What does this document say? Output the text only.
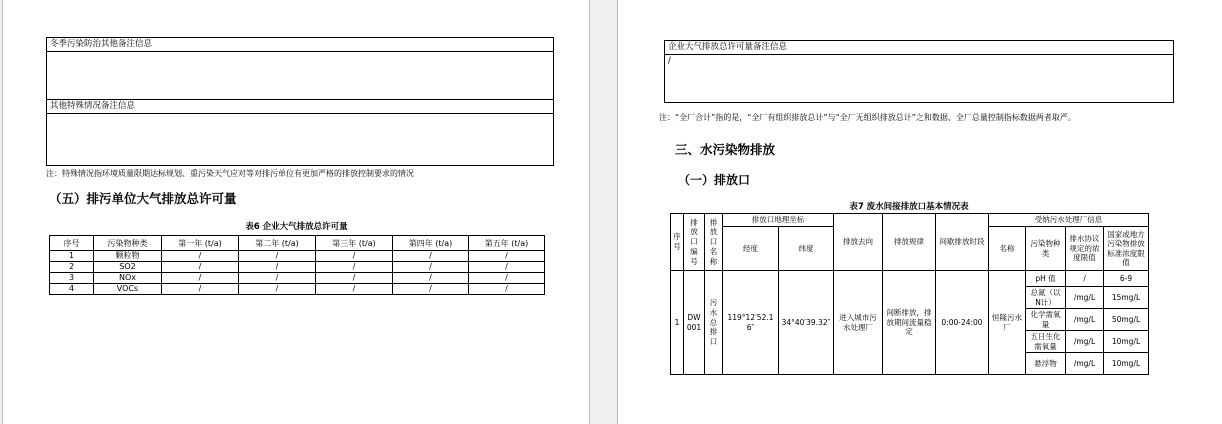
冬季污染防治其他备注信息
其他特殊情况备注信息
注：特殊情况指环境质量限期达标规划、重污染天气应对等对排污单位有更加严格的排放控制要求的情况
（五）排污单位大气排放总许可量
表6 企业大气排放总许可量
序号	污染物种类	第一年 (t/a)	第二年 (t/a)	第三年 (t/a)	第四年 (t/a)	第五年 (t/a)
1	颗粒物	/	/	/	/	/
2	SO2	/	/	/	/	/
3	NOx	/	/	/	/	/
4	VOCs	/	/	/	/	/
企业大气排放总许可量备注信息
/
注：“全厂合计”指的是，“全厂有组织排放总计”与“全厂无组织排放总计”之和数据、全厂总量控制指标数据两者取严。
三、水污染物排放
（一）排放口
表7 废水间接排放口基本情况表
序号	排放口编号	排放口名称	排放口地理坐标		排放去向	排放规律	间歇排放时段	受纳污水处理厂信息			
			经度	纬度				名称	污染物种类	排水协议规定的浓度限值	国家或地方污染物排放标准浓度限值
1	DW001	污水总排口	119°12′52.16″	34°40′39.32″	进入城市污水处理厂	间断排放，排放期间流量稳定	0:00-24:00	恒隆污水厂	pH 值	/	6-9
									总氮（以N计）	/mg/L	15mg/L
									化学需氧量	/mg/L	50mg/L
									五日生化需氧量	/mg/L	10mg/L
									悬浮物	/mg/L	10mg/L
